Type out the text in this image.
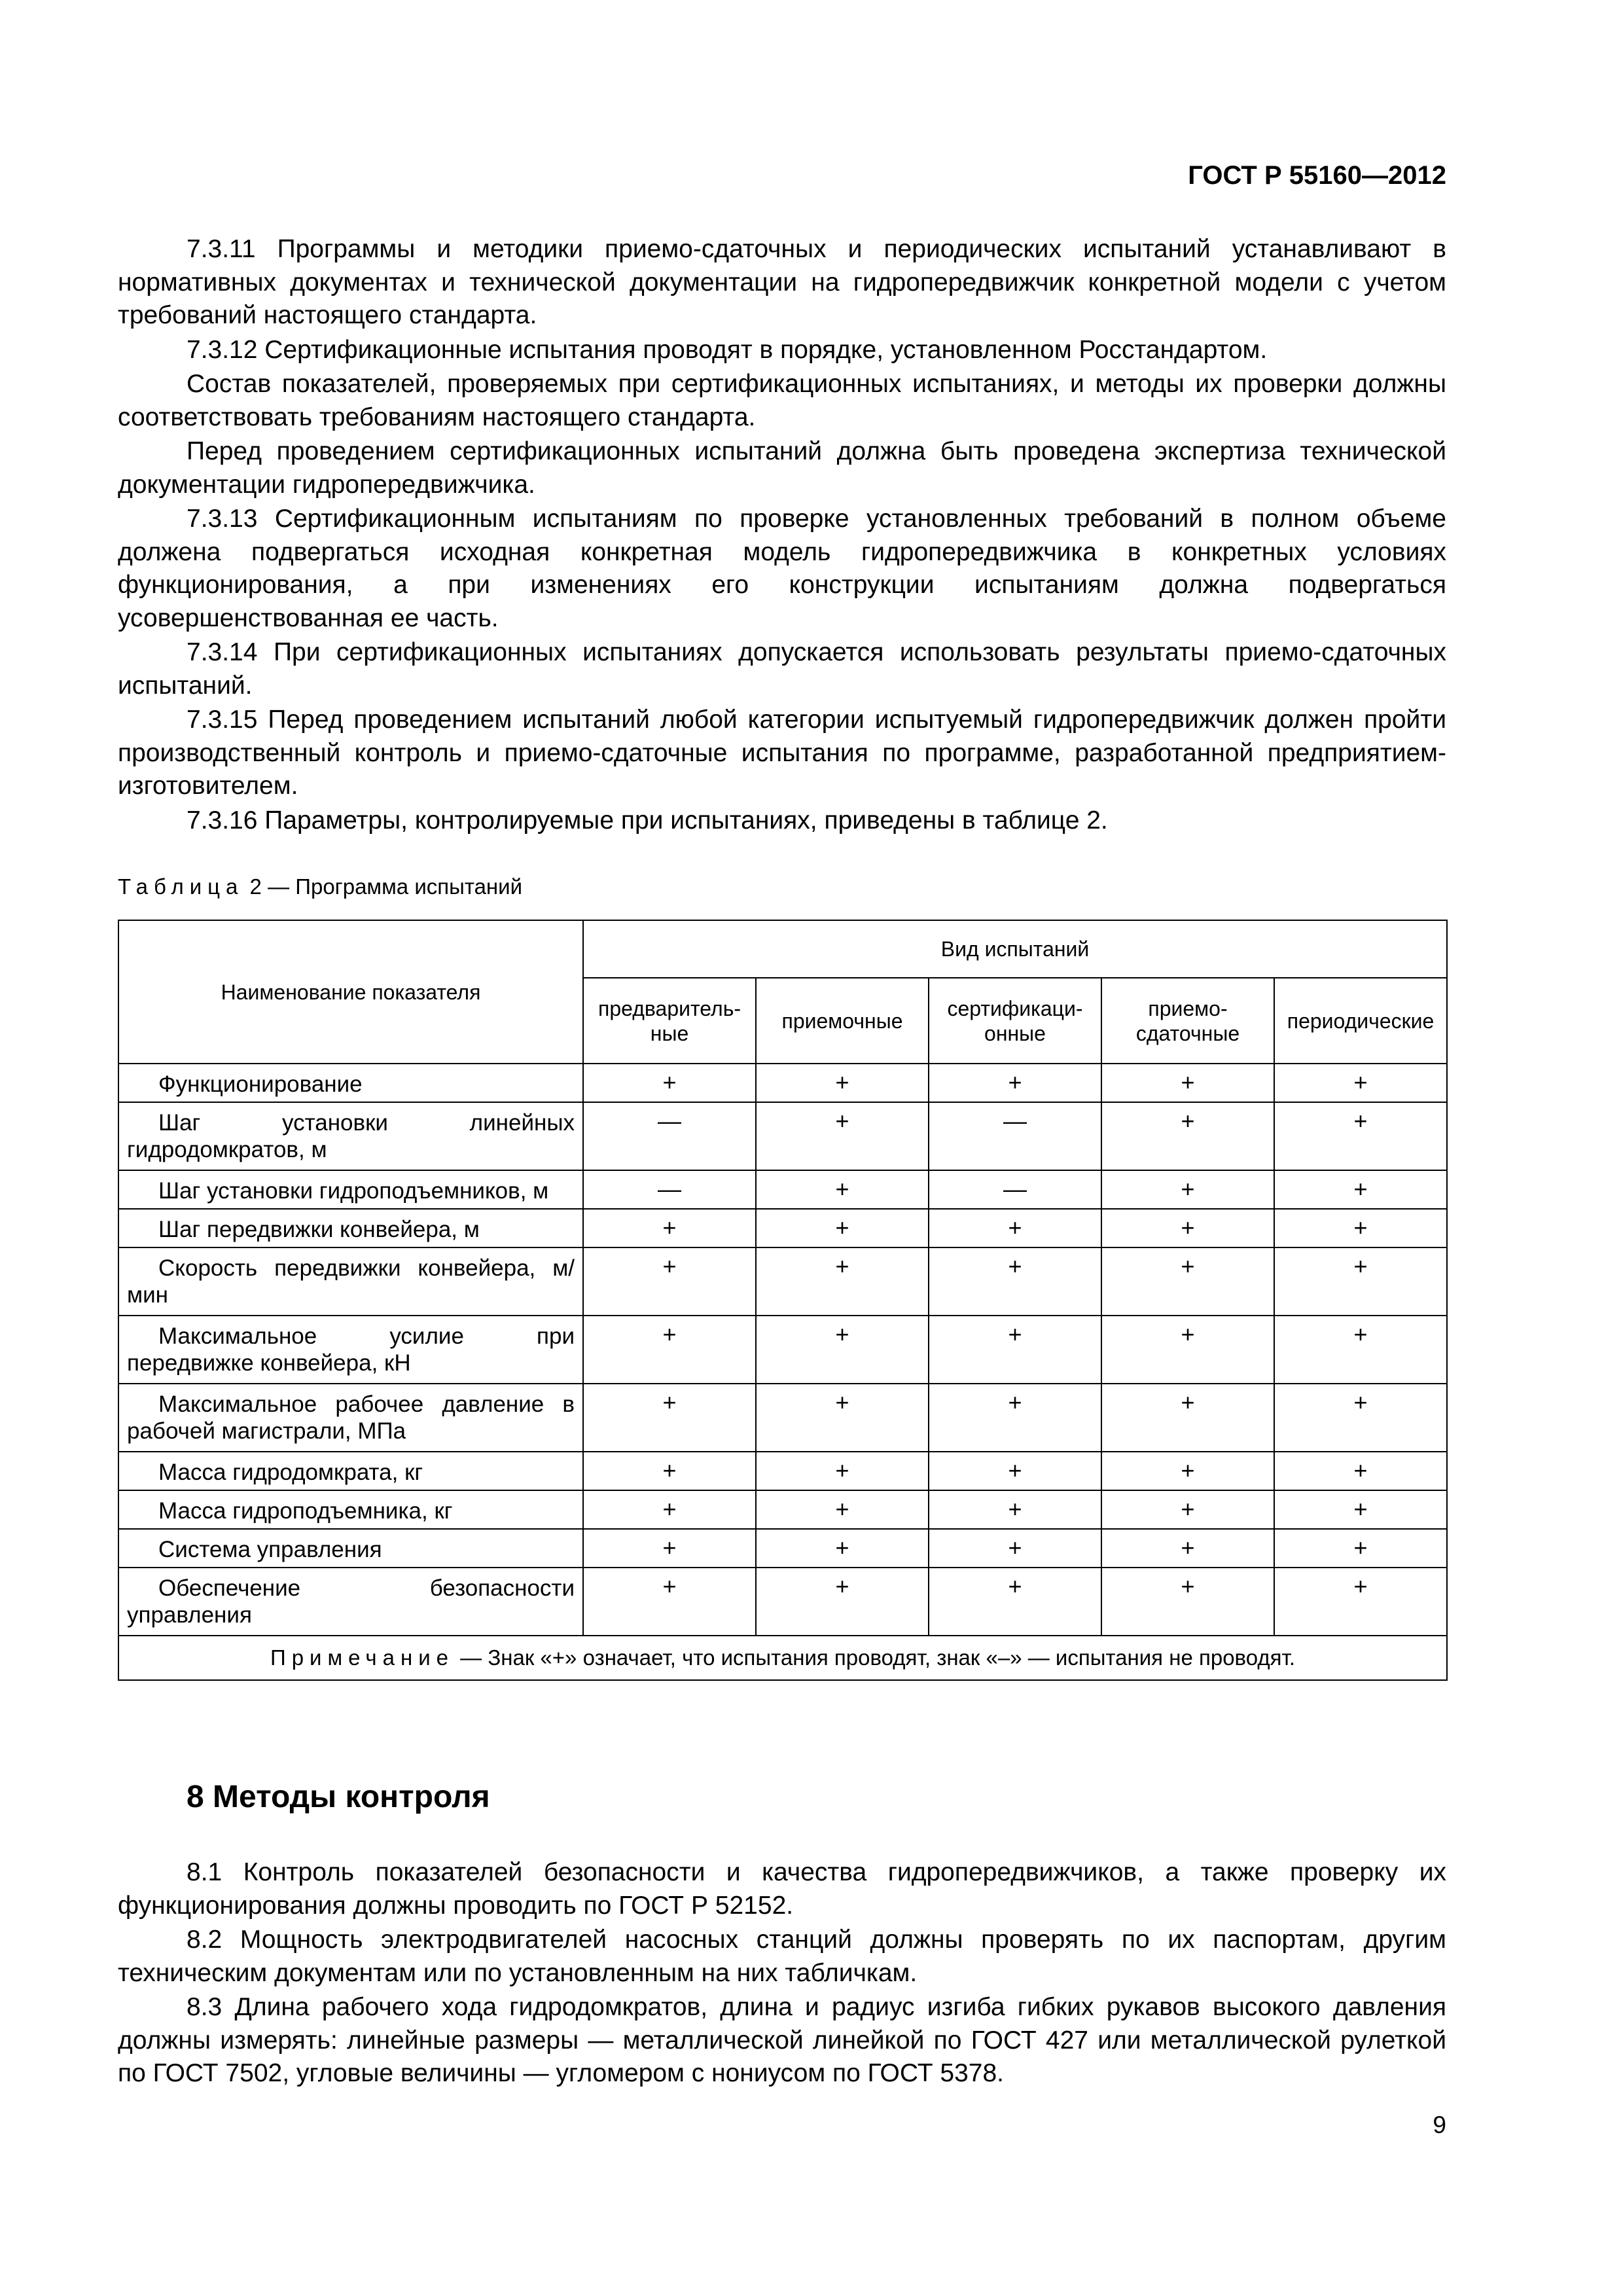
ГОСТ Р 55160—2012

7.3.11 Программы и методики приемо-сдаточных и периодических испытаний устанавливают в нормативных документах и технической документации на гидропередвижчик конкретной модели с учетом требований настоящего стандарта.

7.3.12 Сертификационные испытания проводят в порядке, установленном Росстандартом.

Состав показателей, проверяемых при сертификационных испытаниях, и методы их проверки должны соответствовать требованиям настоящего стандарта.

Перед проведением сертификационных испытаний должна быть проведена экспертиза технической документации гидропередвижчика.

7.3.13 Сертификационным испытаниям по проверке установленных требований в полном объеме должена подвергаться исходная конкретная модель гидропередвижчика в конкретных условиях функционирования, а при изменениях его конструкции испытаниям должна подвергаться усовершенствованная ее часть.

7.3.14 При сертификационных испытаниях допускается использовать результаты приемо-сдаточных испытаний.

7.3.15 Перед проведением испытаний любой категории испытуемый гидропередвижчик должен пройти производственный контроль и приемо-сдаточные испытания по программе, разработанной предприятием-изготовителем.

7.3.16 Параметры, контролируемые при испытаниях, приведены в таблице 2.

Таблица 2 — Программа испытаний
Наименование показателя	Вид испытаний				
	предваритель-ные	приемочные	сертификаци-онные	приемо-сдаточные	периодические

Функционирование	+	+	+	+	+

Шаг установки линейных гидродомкратов, м	—	+	—	+	+

Шаг установки гидроподъемников, м	—	+	—	+	+

Шаг передвижки конвейера, м	+	+	+	+	+

Скорость передвижки конвейера, м/мин	+	+	+	+	+

Максимальное усилие при передвижке конвейера, кН	+	+	+	+	+

Максимальное рабочее давление в рабочей магистрали, МПа	+	+	+	+	+

Масса гидродомкрата, кг	+	+	+	+	+

Масса гидроподъемника, кг	+	+	+	+	+

Система управления	+	+	+	+	+

Обеспечение безопасности управления	+	+	+	+	+
Примечание — Знак «+» означает, что испытания проводят, знак «–» — испытания не проводят.					
8 Методы контроля

8.1 Контроль показателей безопасности и качества гидропередвижчиков, а также проверку их функционирования должны проводить по ГОСТ Р 52152.

8.2 Мощность электродвигателей насосных станций должны проверять по их паспортам, другим техническим документам или по установленным на них табличкам.

8.3 Длина рабочего хода гидродомкратов, длина и радиус изгиба гибких рукавов высокого давления должны измерять: линейные размеры — металлической линейкой по ГОСТ 427 или металлической рулеткой по ГОСТ 7502, угловые величины — угломером с нониусом по ГОСТ 5378.

9
